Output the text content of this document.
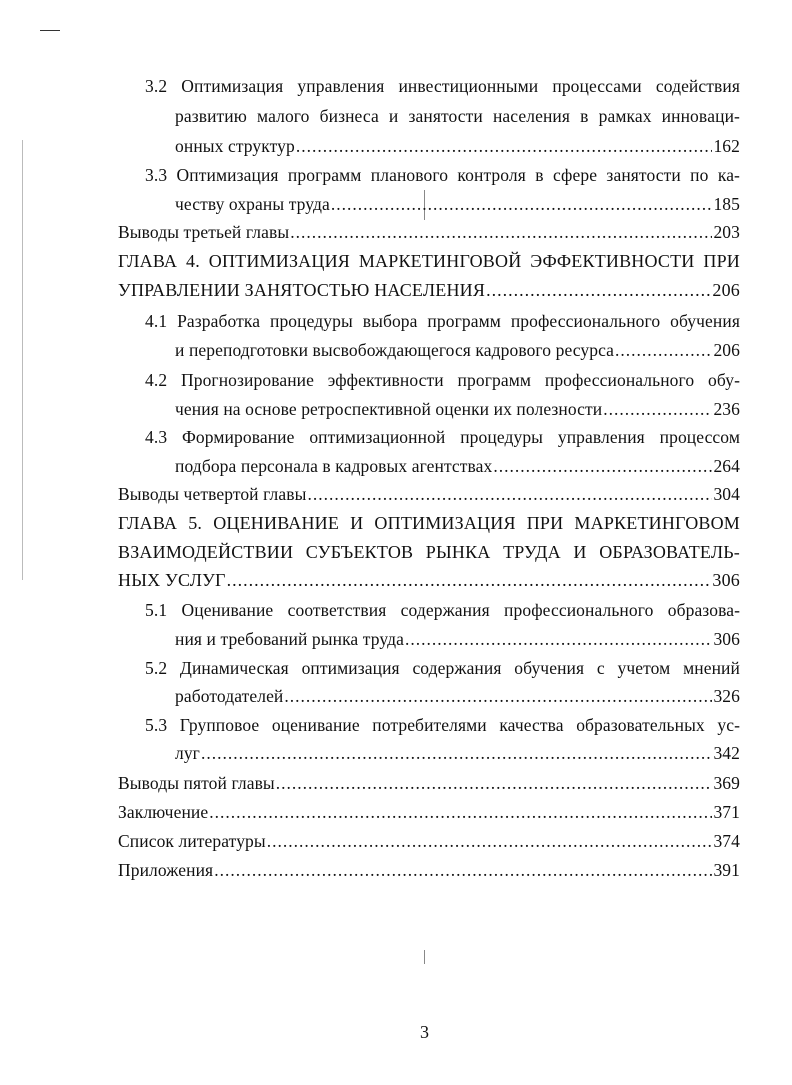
3.2 Оптимизация управления инвестиционными процессами содействия
развитию малого бизнеса и занятости населения в рамках инновaци-
онных структур .....	162
3.3 Оптимизация программ планового контроля в сфере занятости по ка-
честву охраны труда .....	185
Выводы третьей главы .....	203
ГЛАВА 4. ОПТИМИЗАЦИЯ МАРКЕТИНГОВОЙ ЭФФЕКТИВНОСТИ ПРИ
УПРАВЛЕНИИ ЗАНЯТОСТЬЮ НАСЕЛЕНИЯ .....	206
4.1 Разработка процедуры выбора программ профессионального обучения
и переподготовки высвобождающегося кадрового ресурса .....	206
4.2 Прогнозирование эффективности программ профессионального обу-
чения на основе ретроспективной оценки их полезности .....	236
4.3 Формирование оптимизационной процедуры управления процессом
подбора персонала в кадровых агентствах .....	264
Выводы четвертой главы .....	304
ГЛАВА 5. ОЦЕНИВАНИЕ И ОПТИМИЗАЦИЯ ПРИ МАРКЕТИНГОВОМ
ВЗАИМОДЕЙСТВИИ СУБЪЕКТОВ РЫНКА ТРУДА И ОБРАЗОВАТЕЛЬ-
НЫХ УСЛУГ .....	306
5.1 Оценивание соответствия содержания профессионального образова-
ния и требований рынка труда .....	306
5.2 Динамическая оптимизация содержания обучения с учетом мнений
работодателей .....	326
5.3 Групповое оценивание потребителями качества образовательных ус-
луг .....	342
Выводы пятой главы .....	369
Заключение .....	371
Список литературы .....	374
Приложения .....	391
3
